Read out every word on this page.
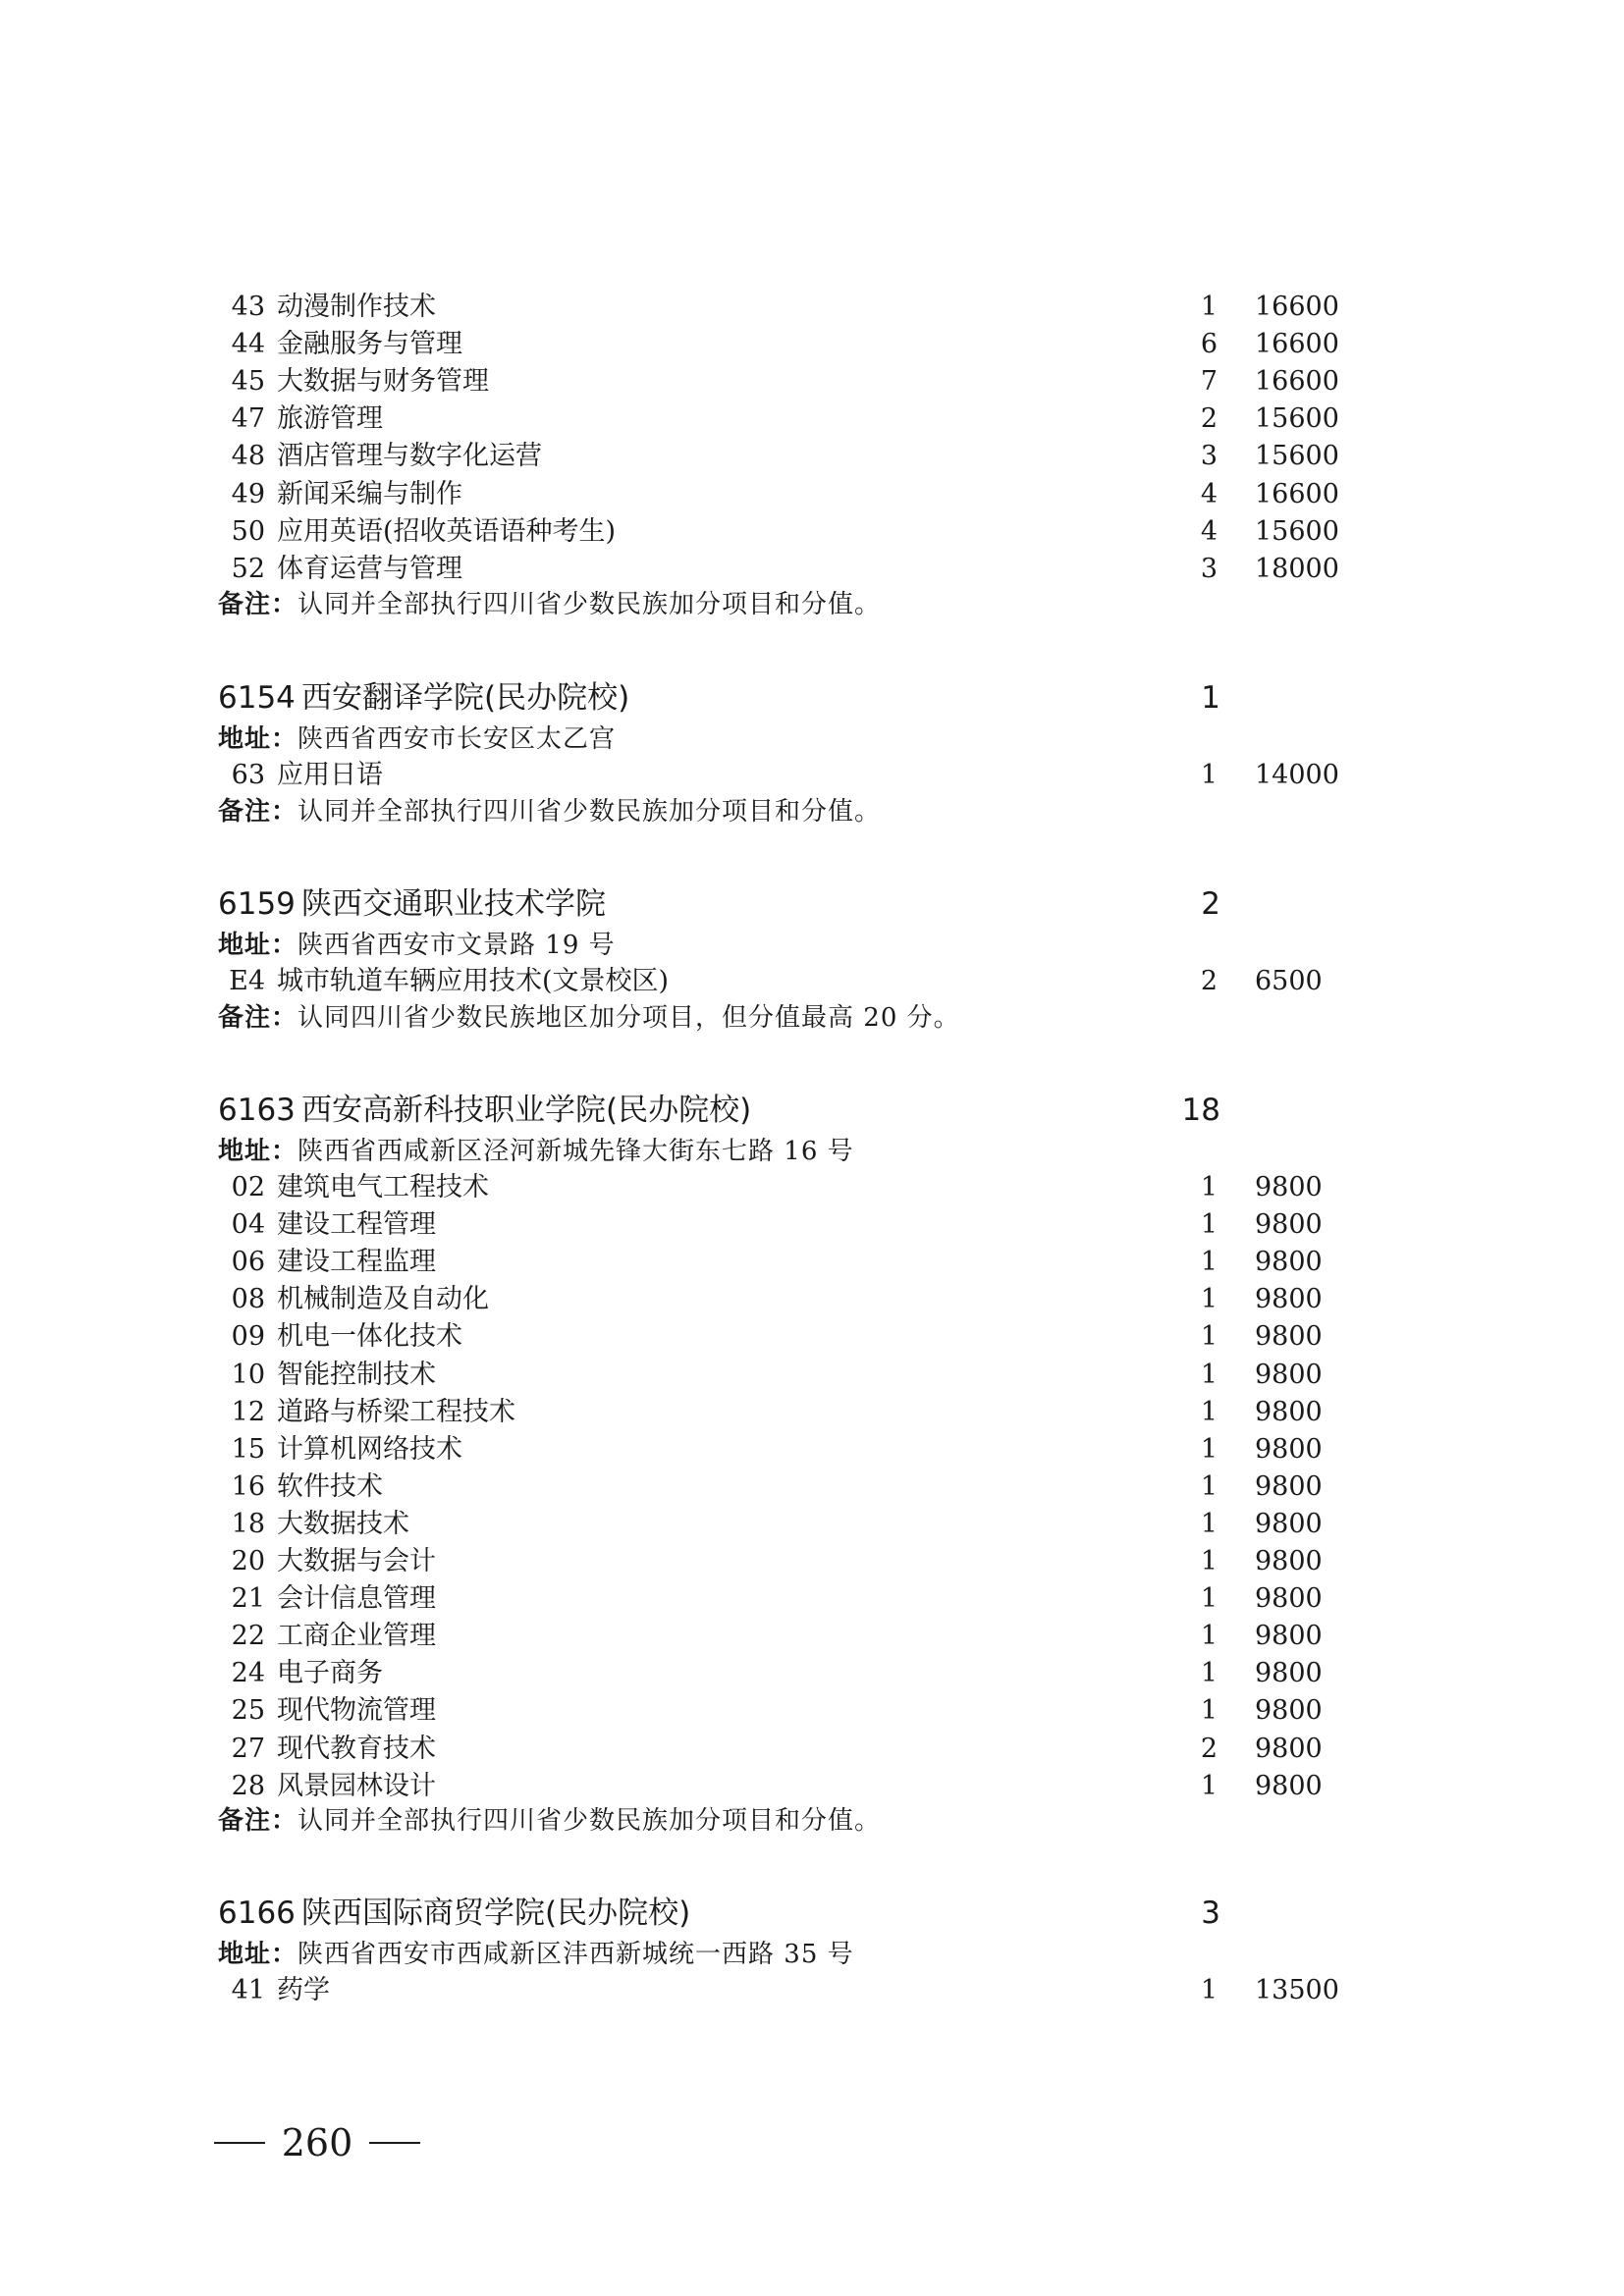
43 动漫制作技术	1 16600
44 金融服务与管理	6 16600
45 大数据与财务管理	7 16600
47 旅游管理	2 15600
48 酒店管理与数字化运营	3 15600
49 新闻采编与制作	4 16600
50 应用英语(招收英语语种考生)	4 15600
52 体育运营与管理	3 18000
备注：认同并全部执行四川省少数民族加分项目和分值。
6154 西安翻译学院(民办院校)	1
地址：陕西省西安市长安区太乙宫
63 应用日语	1 14000
备注：认同并全部执行四川省少数民族加分项目和分值。
6159 陕西交通职业技术学院	2
地址：陕西省西安市文景路 19 号
E4 城市轨道车辆应用技术(文景校区)	2 6500
备注：认同四川省少数民族地区加分项目，但分值最高 20 分。
6163 西安高新科技职业学院(民办院校)	18
地址：陕西省西咸新区泾河新城先锋大街东七路 16 号
02 建筑电气工程技术	1 9800
04 建设工程管理	1 9800
06 建设工程监理	1 9800
08 机械制造及自动化	1 9800
09 机电一体化技术	1 9800
10 智能控制技术	1 9800
12 道路与桥梁工程技术	1 9800
15 计算机网络技术	1 9800
16 软件技术	1 9800
18 大数据技术	1 9800
20 大数据与会计	1 9800
21 会计信息管理	1 9800
22 工商企业管理	1 9800
24 电子商务	1 9800
25 现代物流管理	1 9800
27 现代教育技术	2 9800
28 风景园林设计	1 9800
备注：认同并全部执行四川省少数民族加分项目和分值。
6166 陕西国际商贸学院(民办院校)	3
地址：陕西省西安市西咸新区沣西新城统一西路 35 号
41 药学	1 13500
260
